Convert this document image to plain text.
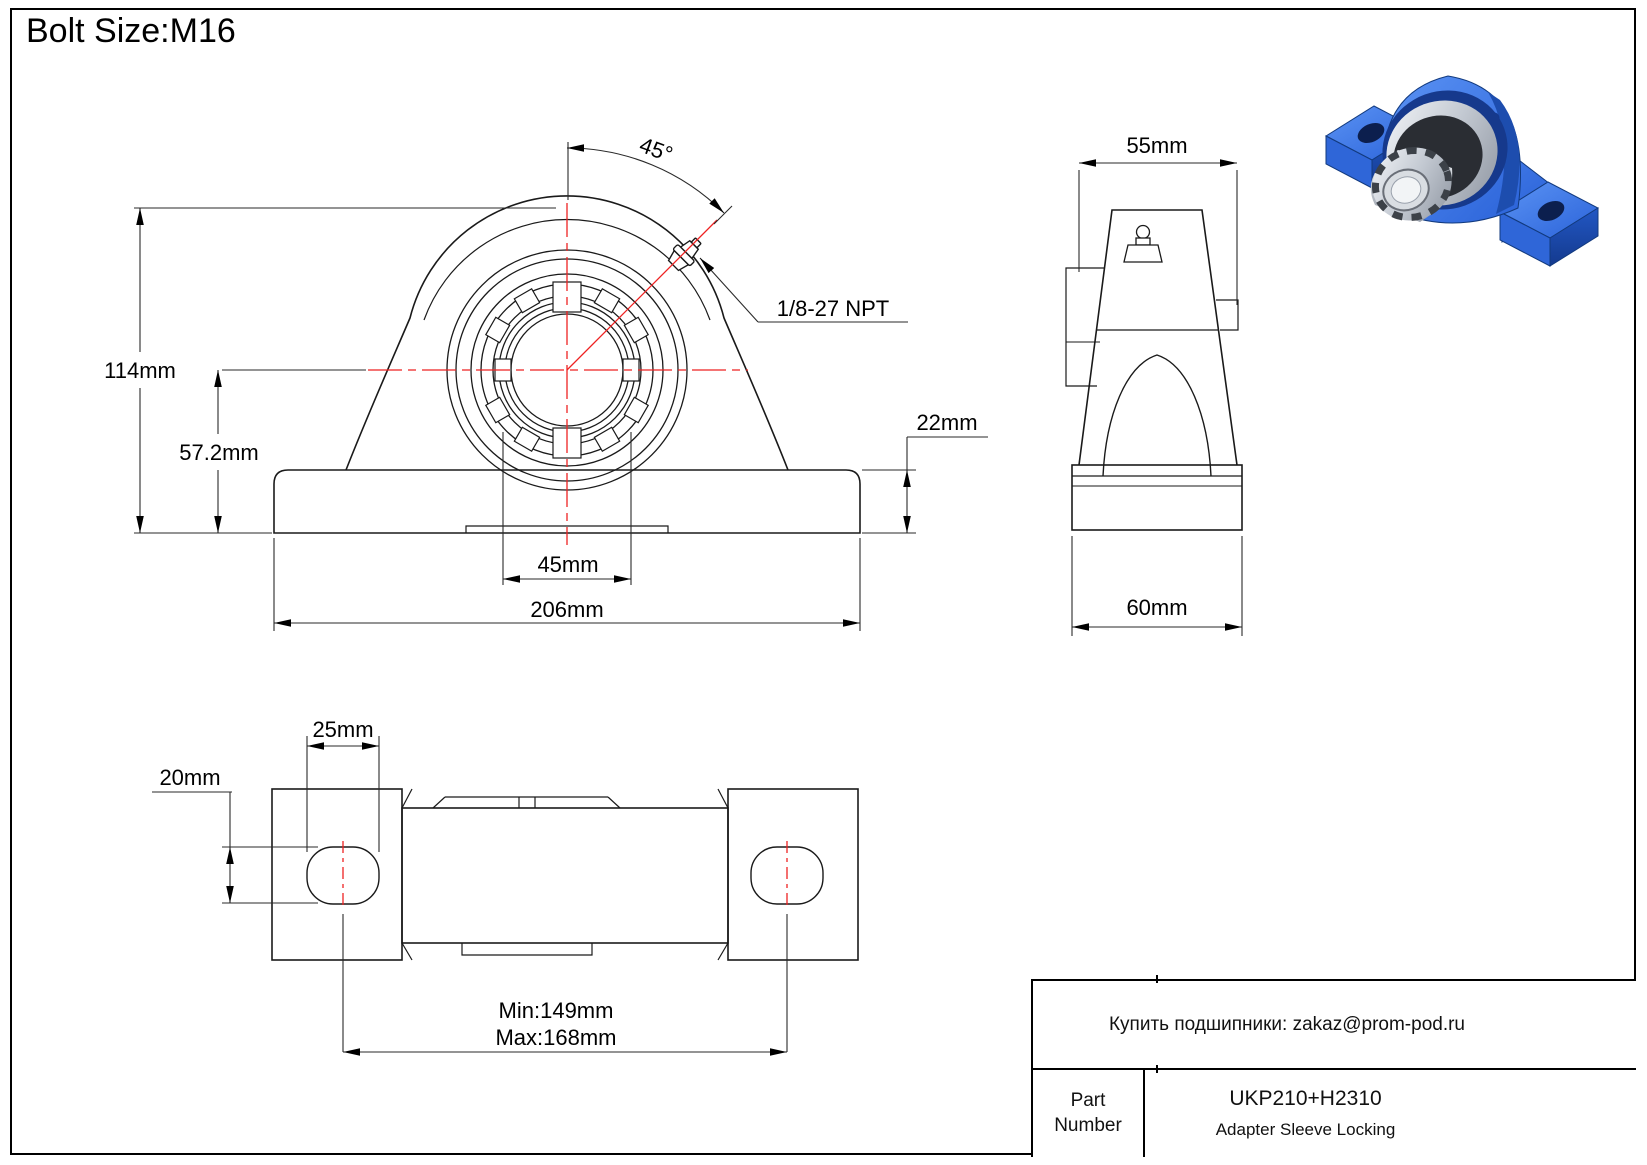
Bolt Size:M16
45°
1/8-27 NPT
114mm
57.2mm
45mm
206mm
22mm
55mm
60mm
25mm
20mm
Min:149mm
Max:168mm
Купить подшипники: zakaz@prom-pod.ru
Part Number
UKP210+H2310
Adapter Sleeve Locking
